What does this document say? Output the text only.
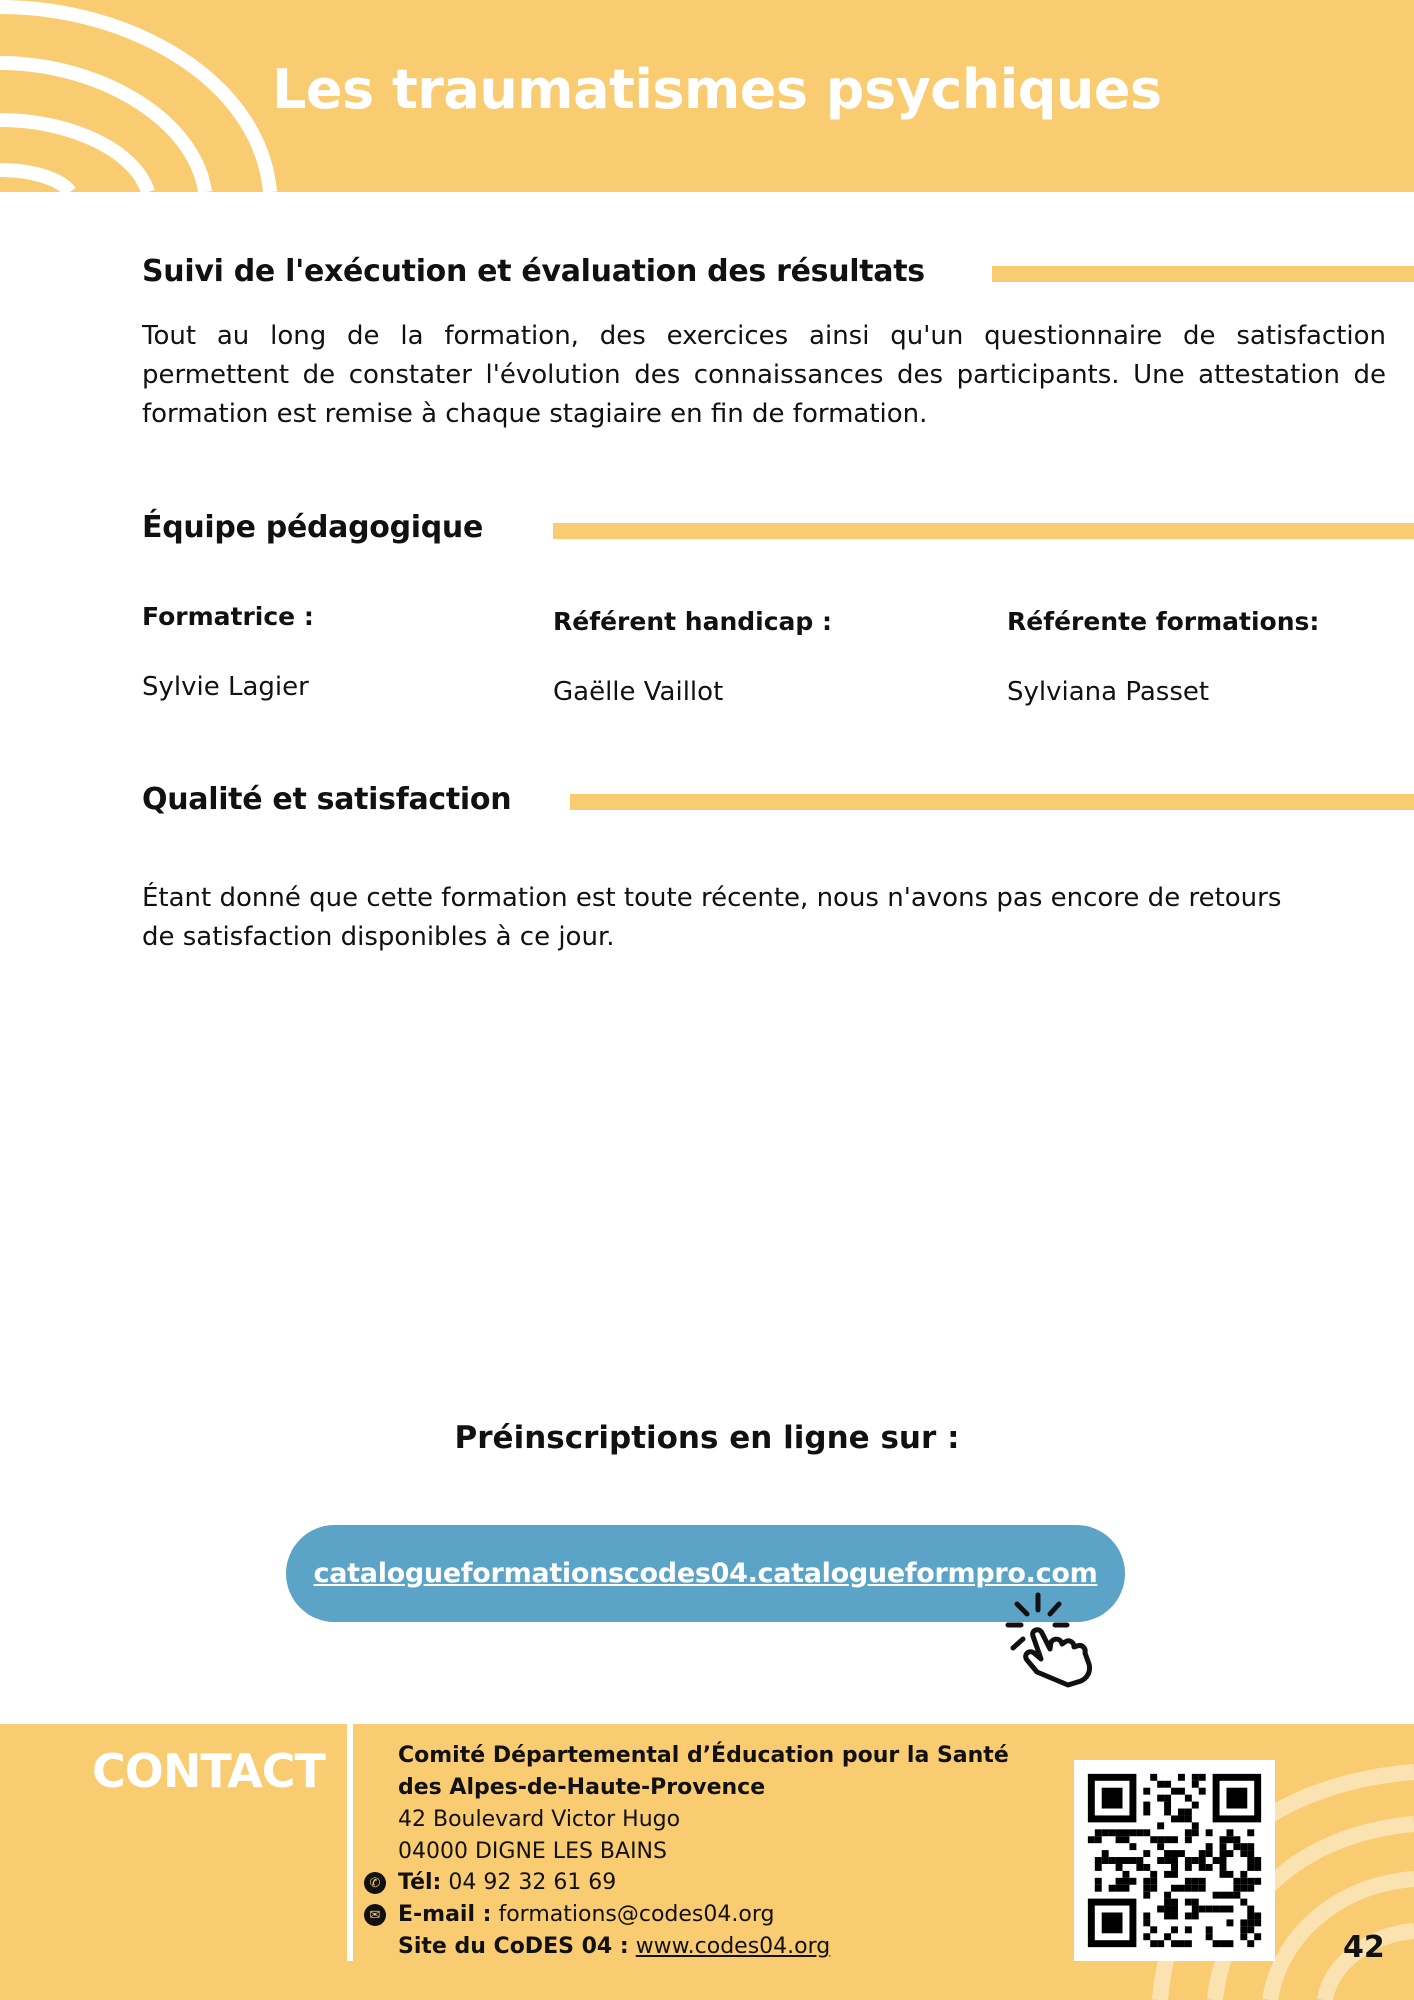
Les traumatismes psychiques
Suivi de l'exécution et évaluation des résultats
Tout au long de la formation, des exercices ainsi qu'un questionnaire de satisfaction permettent de constater l'évolution des connaissances des participants. Une attestation de formation est remise à chaque stagiaire en fin de formation.
Équipe pédagogique
Formatrice :	Référent handicap :	Référente formations:
Sylvie Lagier	Gaëlle Vaillot	Sylviana Passet
Qualité et satisfaction
Étant donné que cette formation est toute récente, nous n'avons pas encore de retours de satisfaction disponibles à ce jour.
Préinscriptions en ligne sur :
catalogueformationscodes04.catalogueformpro.com
CONTACT	Comité Départemental d’Éducation pour la Santé
des Alpes-de-Haute-Provence
42 Boulevard Victor Hugo
04000 DIGNE LES BAINS
✆ Tél: 04 92 32 61 69
✉ E-mail : formations@codes04.org
Site du CoDES 04 : www.codes04.org	42
